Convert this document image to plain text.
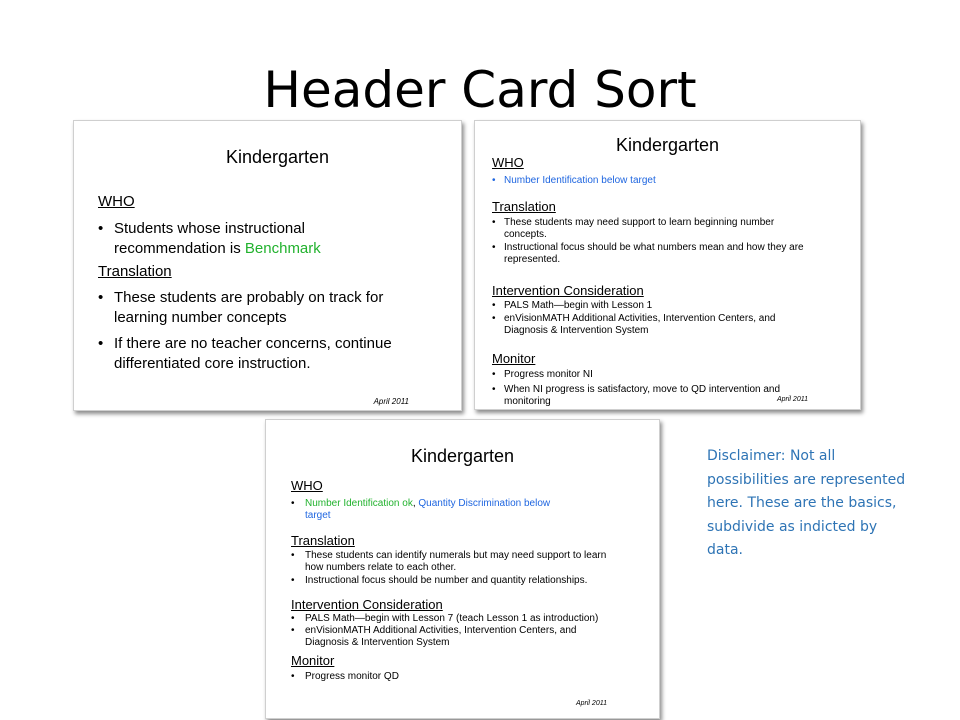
Header Card Sort
Kindergarten
WHO
• Students whose instructional
recommendation is Benchmark
Translation
• These students are probably on track for
learning number concepts
• If there are no teacher concerns, continue
differentiated core instruction.
April 2011
Kindergarten
WHO
• Number Identification below target
Translation
• These students may need support to learn beginning number
concepts.
• Instructional focus should be what numbers mean and how they are
represented.
Intervention Consideration
• PALS Math—begin with Lesson 1
• enVisionMATH Additional Activities, Intervention Centers, and
Diagnosis & Intervention System
Monitor
• Progress monitor NI
• When NI progress is satisfactory, move to QD intervention and
monitoring	April 2011
Kindergarten
WHO
• Number Identification ok, Quantity Discrimination below
target
Translation
• These students can identify numerals but may need support to learn
how numbers relate to each other.
• Instructional focus should be number and quantity relationships.
Intervention Consideration
• PALS Math—begin with Lesson 7 (teach Lesson 1 as introduction)
• enVisionMATH Additional Activities, Intervention Centers, and
Diagnosis & Intervention System
Monitor
• Progress monitor QD
April 2011
Disclaimer: Not all possibilities are represented here. These are the basics, subdivide as indicted by data.
